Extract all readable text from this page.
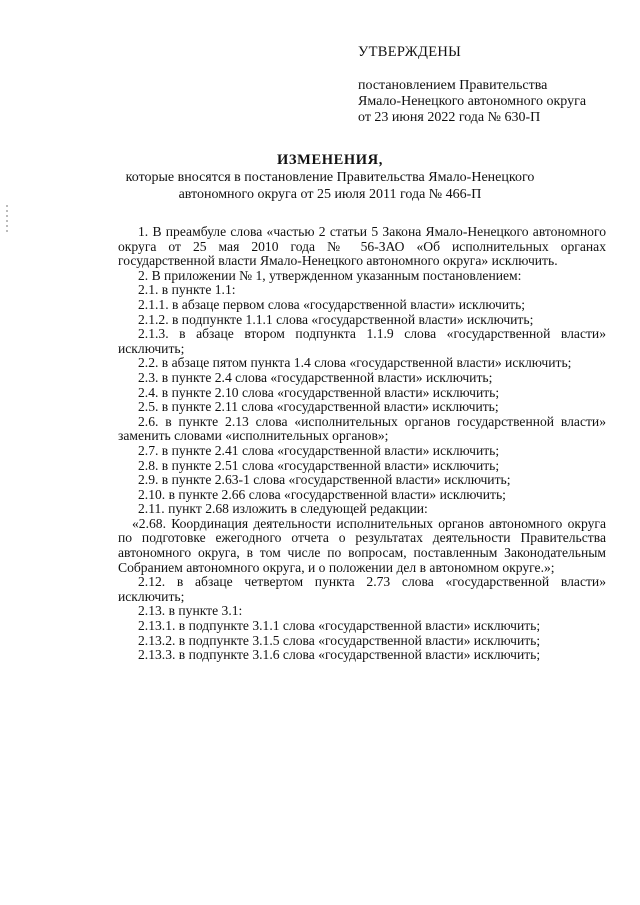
УТВЕРЖДЕНЫ
постановлением Правительства
Ямало-Ненецкого автономного округа
от 23 июня 2022 года № 630-П
ИЗМЕНЕНИЯ,
которые вносятся в постановление Правительства Ямало-Ненецкого
автономного округа от 25 июля 2011 года № 466-П

1. В преамбуле слова «частью 2 статьи 5 Закона Ямало-Ненецкого автономного округа от 25 мая 2010 года № 56-ЗАО «Об исполнительных органах государственной власти Ямало-Ненецкого автономного округа» исключить.

2. В приложении № 1, утвержденном указанным постановлением:

2.1. в пункте 1.1:

2.1.1. в абзаце первом слова «государственной власти» исключить;

2.1.2. в подпункте 1.1.1 слова «государственной власти» исключить;

2.1.3. в абзаце втором подпункта 1.1.9 слова «государственной власти» исключить;

2.2. в абзаце пятом пункта 1.4 слова «государственной власти» исключить;

2.3. в пункте 2.4 слова «государственной власти» исключить;

2.4. в пункте 2.10 слова «государственной власти» исключить;

2.5. в пункте 2.11 слова «государственной власти» исключить;

2.6. в пункте 2.13 слова «исполнительных органов государственной власти» заменить словами «исполнительных органов»;

2.7. в пункте 2.41 слова «государственной власти» исключить;

2.8. в пункте 2.51 слова «государственной власти» исключить;

2.9. в пункте 2.63-1 слова «государственной власти» исключить;

2.10. в пункте 2.66 слова «государственной власти» исключить;

2.11. пункт 2.68 изложить в следующей редакции:

«2.68. Координация деятельности исполнительных органов автономного округа по подготовке ежегодного отчета о результатах деятельности Правительства автономного округа, в том числе по вопросам, поставленным Законодательным Собранием автономного округа, и о положении дел в автономном округе.»;

2.12. в абзаце четвертом пункта 2.73 слова «государственной власти» исключить;

2.13. в пункте 3.1:

2.13.1. в подпункте 3.1.1 слова «государственной власти» исключить;

2.13.2. в подпункте 3.1.5 слова «государственной власти» исключить;

2.13.3. в подпункте 3.1.6 слова «государственной власти» исключить;
